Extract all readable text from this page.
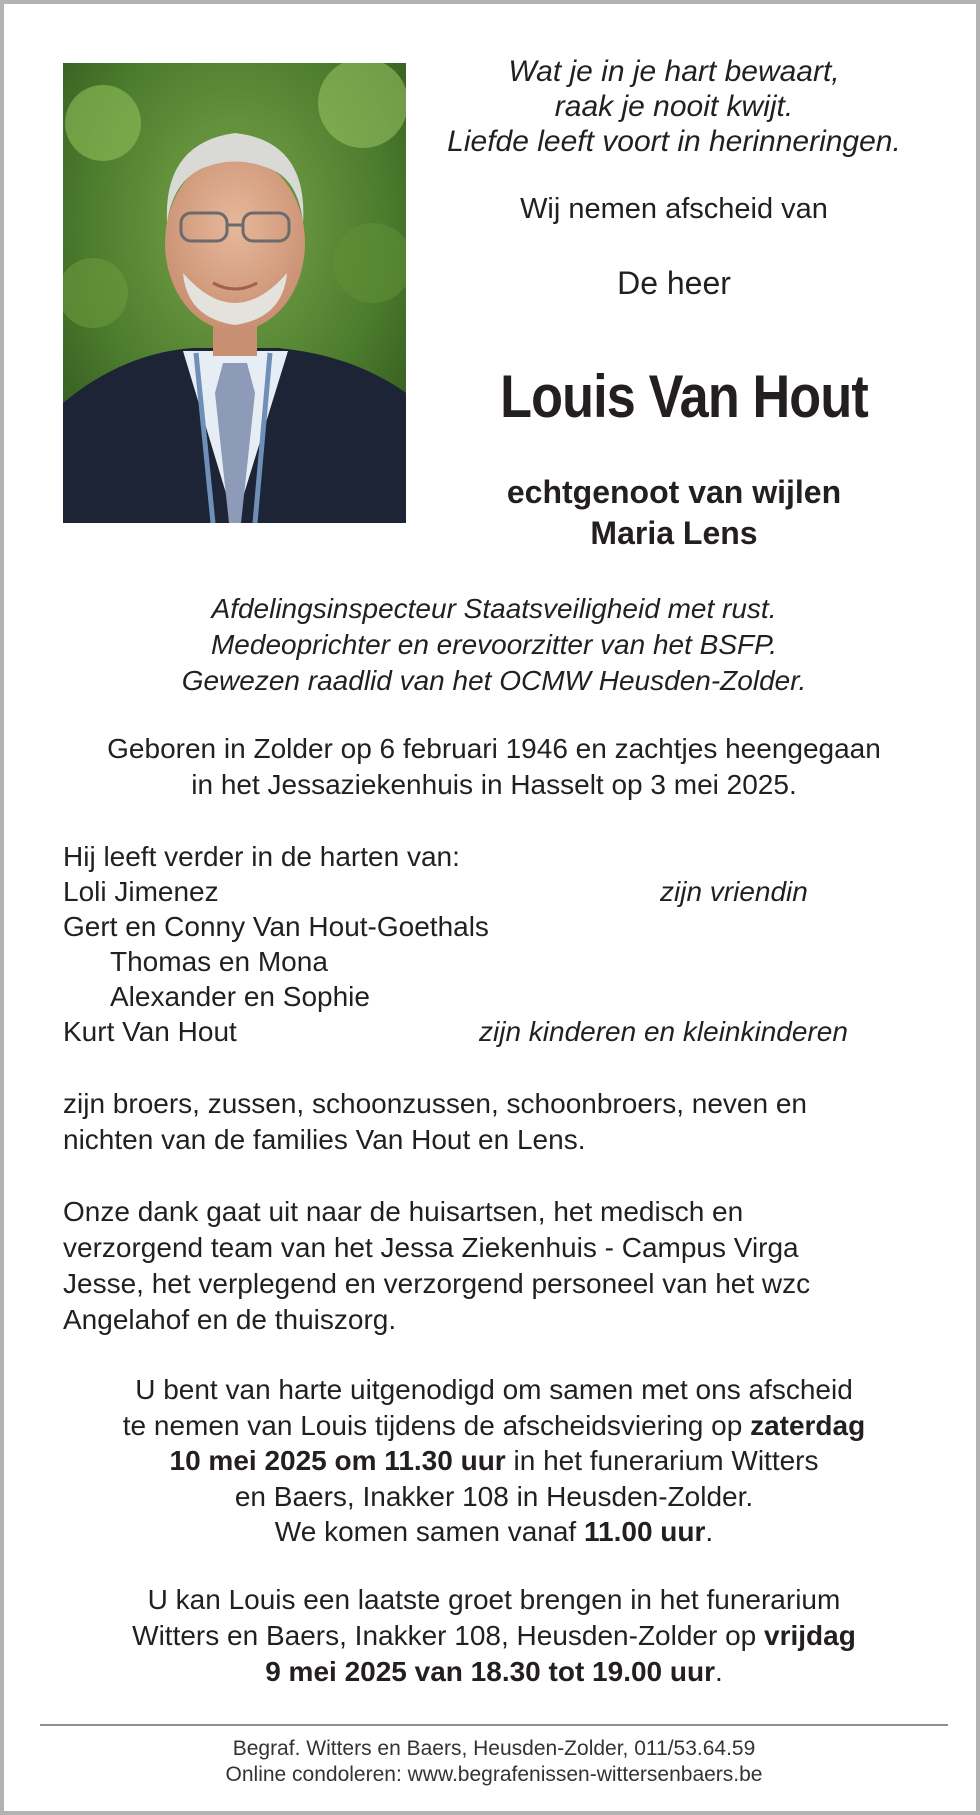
Wat je in je hart bewaart,
raak je nooit kwijt.
Liefde leeft voort in herinneringen.
Wij nemen afscheid van
De heer
Louis Van Hout
echtgenoot van wijlen
Maria Lens
Afdelingsinspecteur Staatsveiligheid met rust.
Medeoprichter en erevoorzitter van het BSFP.
Gewezen raadlid van het OCMW Heusden-Zolder.
Geboren in Zolder op 6 februari 1946 en zachtjes heengegaan
in het Jessaziekenhuis in Hasselt op 3 mei 2025.
Hij leeft verder in de harten van:
Loli Jimenez	zijn vriendin
Gert en Conny Van Hout-Goethals
Thomas en Mona
Alexander en Sophie
Kurt Van Hout	zijn kinderen en kleinkinderen
zijn broers, zussen, schoonzussen, schoonbroers, neven en
nichten van de families Van Hout en Lens.
Onze dank gaat uit naar de huisartsen, het medisch en
verzorgend team van het Jessa Ziekenhuis - Campus Virga
Jesse, het verplegend en verzorgend personeel van het wzc
Angelahof en de thuiszorg.
U bent van harte uitgenodigd om samen met ons afscheid
te nemen van Louis tijdens de afscheidsviering op zaterdag
10 mei 2025 om 11.30 uur in het funerarium Witters
en Baers, Inakker 108 in Heusden-Zolder.
We komen samen vanaf 11.00 uur.
U kan Louis een laatste groet brengen in het funerarium
Witters en Baers, Inakker 108, Heusden-Zolder op vrijdag
9 mei 2025 van 18.30 tot 19.00 uur.
Begraf. Witters en Baers, Heusden-Zolder, 011/53.64.59
Online condoleren: www.begrafenissen-wittersenbaers.be
